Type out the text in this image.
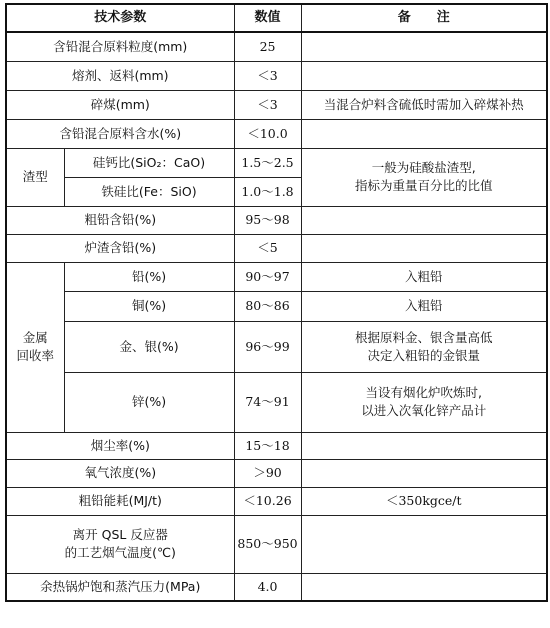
技术参数		数值	备　　注
含铅混合原料粒度(mm)		25	
熔剂、返料(mm)		＜3	
碎煤(mm)		＜3	当混合炉料含硫低时需加入碎煤补热
含铅混合原料含水(%)		＜10.0	
渣型	硅钙比(SiO₂：CaO)	1.5～2.5	一般为硅酸盐渣型,
指标为重量百分比的比值

	铁硅比(Fe：SiO)	1.0～1.8	
粗铅含铅(%)		95～98	
炉渣含铅(%)		＜5	

金属
回收率	铅(%)	90～97	入粗铅
	铜(%)	80～86	入粗铅
	金、银(%)	96～99	根据原料金、银含量高低
决定入粗铅的金银量

	锌(%)	74～91	当设有烟化炉吹炼时,
以进入次氧化锌产品计

烟尘率(%)		15～18	
氧气浓度(%)		＞90	
粗铅能耗(MJ/t)		＜10.26	＜350kgce/t

离开 QSL 反应器
的工艺烟气温度(℃)		850～950	
余热锅炉饱和蒸汽压力(MPa)		4.0	
